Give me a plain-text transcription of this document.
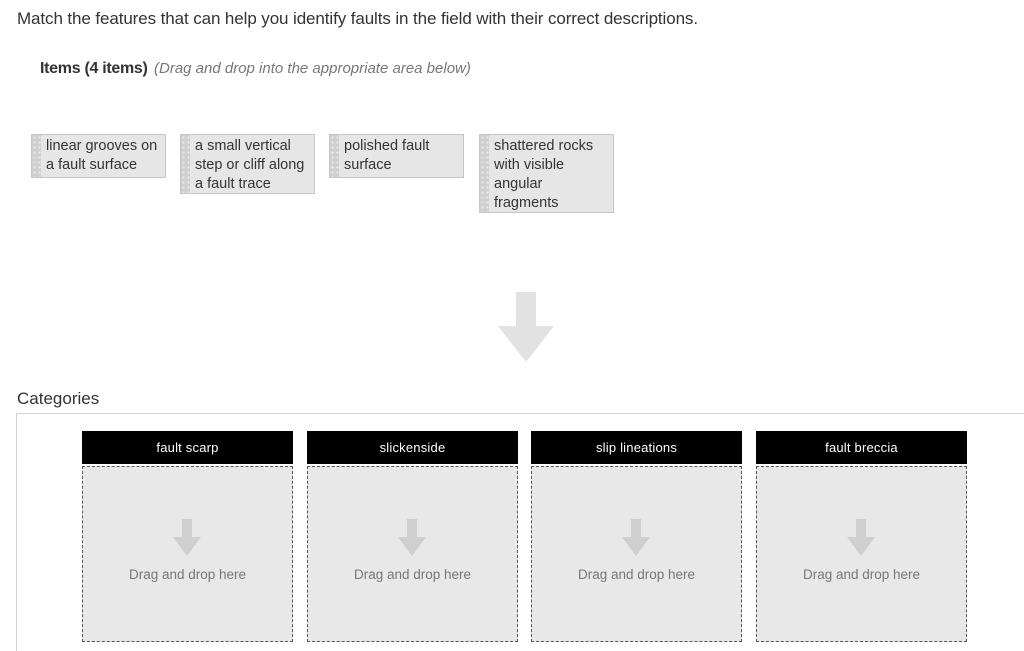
Match the features that can help you identify faults in the field with their correct descriptions.
Items (4 items) (Drag and drop into the appropriate area below)
linear grooves on a fault surface
a small vertical step or cliff along a fault trace
polished fault surface
shattered rocks with visible angular fragments
Categories
fault scarp
Drag and drop here
slickenside
Drag and drop here
slip lineations
Drag and drop here
fault breccia
Drag and drop here
